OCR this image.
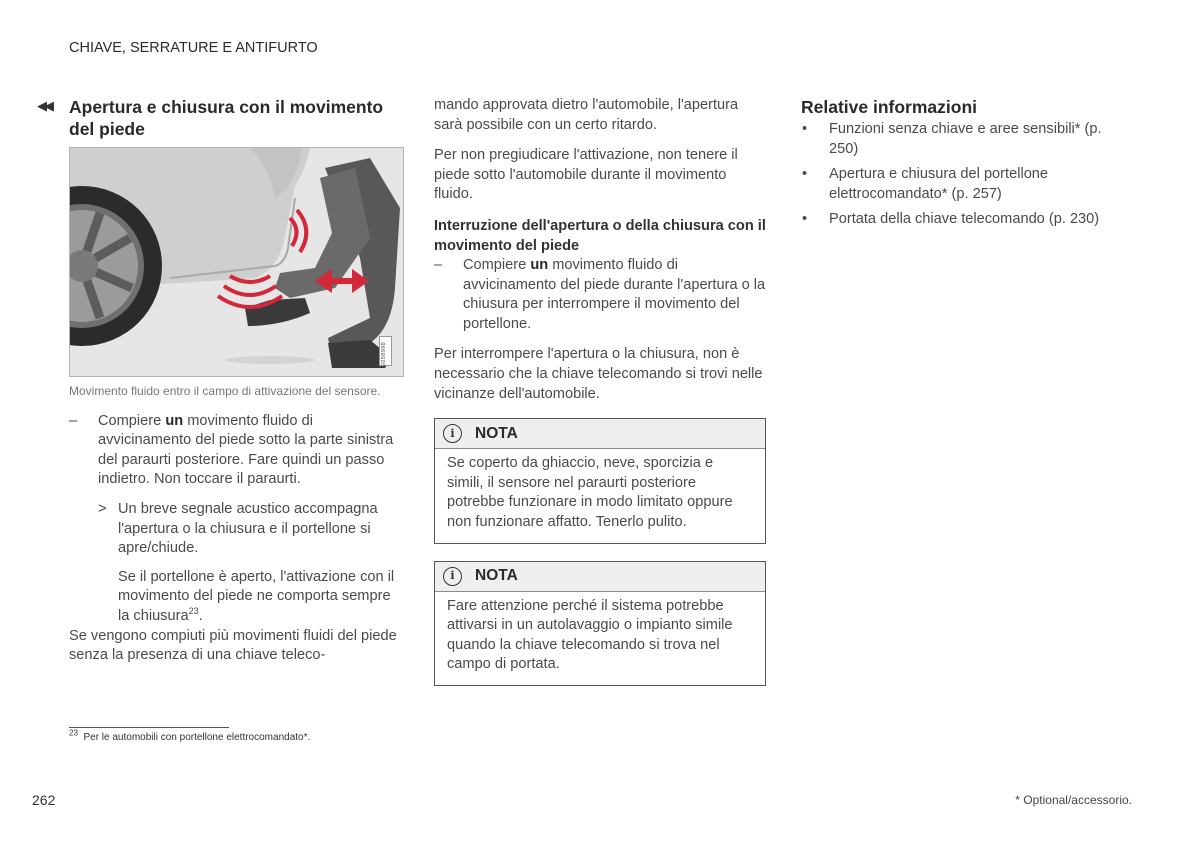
CHIAVE, SERRATURE E ANTIFURTO
◀◀ Apertura e chiusura con il movimento del piede
G058998
Movimento fluido entro il campo di attivazione del sensore.
– Compiere un movimento fluido di avvicinamento del piede sotto la parte sinistra del paraurti posteriore. Fare quindi un passo indietro. Non toccare il paraurti.
> Un breve segnale acustico accompagna l'apertura o la chiusura e il portellone si apre/chiude.
Se il portellone è aperto, l'attivazione con il movimento del piede ne comporta sempre la chiusura$^{23}$.

Se vengono compiuti più movimenti fluidi del piede senza la presenza di una chiave teleco-

mando approvata dietro l'automobile, l'apertura sarà possibile con un certo ritardo.

Per non pregiudicare l'attivazione, non tenere il piede sotto l'automobile durante il movimento fluido.

Interruzione dell'apertura o della chiusura con il movimento del piede
– Compiere un movimento fluido di avvicinamento del piede durante l'apertura o la chiusura per interrompere il movimento del portellone.

Per interrompere l'apertura o la chiusura, non è necessario che la chiave telecomando si trovi nelle vicinanze dell'automobile.

i	NOTA
Se coperto da ghiaccio, neve, sporcizia e simili, il sensore nel paraurti posteriore potrebbe funzionare in modo limitato oppure non funzionare affatto. Tenerlo pulito.
i	NOTA
Fare attenzione perché il sistema potrebbe attivarsi in un autolavaggio o impianto simile quando la chiave telecomando si trova nel campo di portata.
Relative informazioni
• Funzioni senza chiave e aree sensibili* (p. 250)
• Apertura e chiusura del portellone elettrocomandato* (p. 257)
• Portata della chiave telecomando (p. 230)
$^{23}$ Per le automobili con portellone elettrocomandato*.
262	* Optional/accessorio.
